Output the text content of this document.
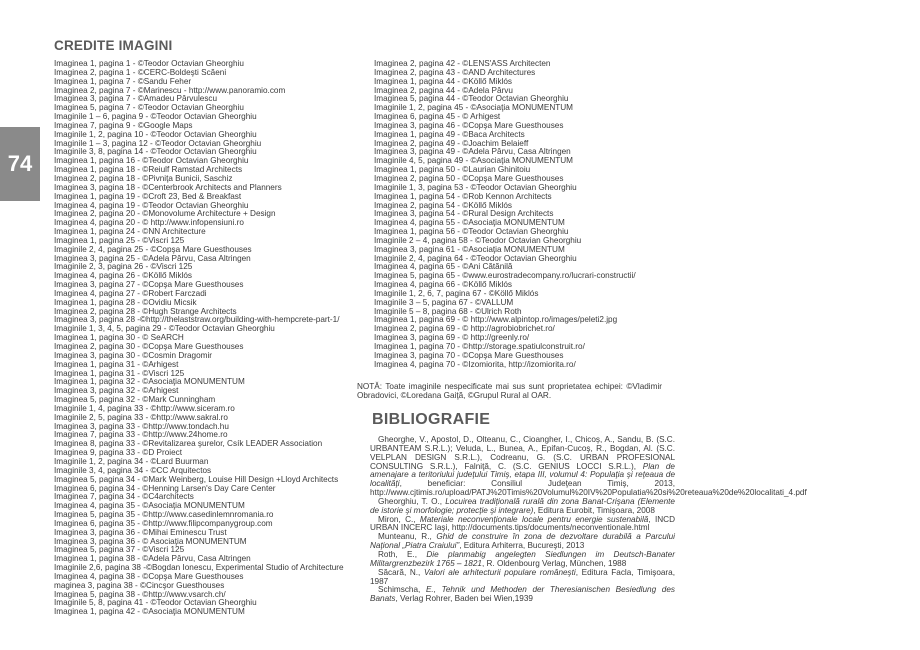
74
CREDITE IMAGINI
Imaginea 1, pagina 1 - ©Teodor Octavian Gheorghiu
Imaginea 2, pagina 1 - ©CERC-Boldeşti Scăeni
Imaginea 1, pagina 7 - ©Sandu Feher
Imaginea 2, pagina 7 - ©Marinescu - http://www.panoramio.com
Imaginea 3, pagina 7 - ©Amadeu Pârvulescu
Imaginea 5, pagina 7 - ©Teodor Octavian Gheorghiu
Imaginile 1 – 6, pagina 9 - ©Teodor Octavian Gheorghiu
Imaginea 7, pagina 9 - ©Google Maps
Imaginile 1, 2, pagina 10 - ©Teodor Octavian Gheorghiu
Imaginile 1 – 3, pagina 12 - ©Teodor Octavian Gheorghiu
Imaginile 3, 8, pagina 14 - ©Teodor Octavian Gheorghiu
Imaginea 1, pagina 16 - ©Teodor Octavian Gheorghiu
Imaginea 1, pagina 18 - ©Reiulf Ramstad Architects
Imaginea 2, pagina 18 - ©Pivniţa Bunicii, Saschiz
Imaginea 3, pagina 18 - ©Centerbrook Architects and Planners
Imaginea 1, pagina 19 - ©Croft 23, Bed & Breakfast
Imaginea 4, pagina 19 - ©Teodor Octavian Gheorghiu
Imaginea 2, pagina 20 - ©Monovolume Architecture + Design
Imaginea 4, pagina 20 - © http://www.infopensiuni.ro
Imaginea 1, pagina 24 - ©NN Architecture
Imaginea 1, pagina 25 - ©Viscri 125
Imaginile 2, 4, pagina 25 - ©Copşa Mare Guesthouses
Imaginea 3, pagina 25 - ©Adela Pârvu, Casa Altringen
Imaginile 2, 3, pagina 26 - ©Viscri 125
Imaginea 4, pagina 26 - ©Köllő Miklós
Imaginea 3, pagina 27 - ©Copşa Mare Guesthouses
Imaginea 4, pagina 27 - ©Robert Farczadi
Imaginea 1, pagina 28 - ©Ovidiu Micsik
Imaginea 2, pagina 28 - ©Hugh Strange Architects
Imaginea 3, pagina 28 -©http://thelaststraw.org/building-with-hempcrete-part-1/
Imaginile 1, 3, 4, 5, pagina 29 - ©Teodor Octavian Gheorghiu
Imaginea 1, pagina 30 - © SeARCH
Imaginea 2, pagina 30 - ©Copşa Mare Guesthouses
Imaginea 3, pagina 30 - ©Cosmin Dragomir
Imaginea 1, pagina 31 - ©Arhigest
Imaginea 1, pagina 31 - ©Viscri 125
Imaginea 1, pagina 32 - ©Asociaţia MONUMENTUM
Imaginea 3, pagina 32 - ©Arhigest
Imaginea 5, pagina 32 - ©Mark Cunningham
Imaginile 1, 4, pagina 33 - ©http://www.siceram.ro
Imaginile 2, 5, pagina 33 - ©http://www.sakral.ro
Imaginea 3, pagina 33 - ©http://www.tondach.hu
Imaginea 7, pagina 33 - ©http://www.24home.ro
Imaginea 8, pagina 33 - ©Revitalizarea şurelor, Csík LEADER Association
Imaginea 9, pagina 33 - ©D Proiect
Imaginile 1, 2, pagina 34 - ©Lard Buurman
Imaginile 3, 4, pagina 34 - ©CC Arquitectos
Imaginea 5, pagina 34 - ©Mark Weinberg, Louise Hill Design +Lloyd Architects
Imaginea 6, pagina 34 - ©Henning Larsen's Day Care Center
Imaginea 7, pagina 34 - ©C4architects
Imaginea 4, pagina 35 - ©Asociaţia MONUMENTUM
Imaginea 5, pagina 35 - ©http://www.casedinlemnromania.ro
Imaginea 6, pagina 35 - ©http://www.filipcompanygroup.com
Imaginea 3, pagina 36 - ©Mihai Eminescu Trust
Imaginea 3, pagina 36 - © Asociaţia MONUMENTUM
Imaginea 5, pagina 37 - ©Viscri 125
Imaginea 1, pagina 38 - ©Adela Pârvu, Casa Altringen
Imaginile 2,6, pagina 38 -©Bogdan Ionescu, Experimental Studio of Architecture
Imaginea 4, pagina 38 - ©Copşa Mare Guesthouses
maginea 3, pagina 38 - ©Cincşor Guesthouses
Imaginea 5, pagina 38 - ©http://www.vsarch.ch/
Imaginile 5, 8, pagina 41 - ©Teodor Octavian Gheorghiu
Imaginea 1, pagina 42 - ©Asociaţia MONUMENTUM
Imaginea 2, pagina 42 - ©LENS'ASS Architecten
Imaginea 2, pagina 43 - ©AND Architectures
Imaginea 1, pagina 44 - ©Köllő Miklós
Imaginea 2, pagina 44 - ©Adela Pârvu
Imaginea 5, pagina 44 - ©Teodor Octavian Gheorghiu
Imaginile 1, 2, pagina 45 - ©Asociaţia MONUMENTUM
Imaginea 6, pagina 45 - © Arhigest
Imaginea 3, pagina 46 - ©Copşa Mare Guesthouses
Imaginea 1, pagina 49 - ©Baca Architects
Imaginea 2, pagina 49 - ©Joachim Belaieff
Imaginea 3, pagina 49 - ©Adela Pârvu, Casa Altringen
Imaginile 4, 5, pagina 49 - ©Asociaţia MONUMENTUM
Imaginea 1, pagina 50 - ©Laurian Ghinitoiu
Imaginea 2, pagina 50 - ©Copşa Mare Guesthouses
Imaginile 1, 3, pagina 53 - ©Teodor Octavian Gheorghiu
Imaginea 1, pagina 54 - ©Rob Kennon Architects
Imaginea 2, pagina 54 - ©Köllő Miklós
Imaginea 3, pagina 54 - ©Rural Design Architects
Imaginea 4, pagina 55 - ©Asociaţia MONUMENTUM
Imaginea 1, pagina 56 - ©Teodor Octavian Gheorghiu
Imaginile 2 – 4, pagina 58 - ©Teodor Octavian Gheorghiu
Imaginea 3, pagina 61 - ©Asociaţia MONUMENTUM
Imaginile 2, 4, pagina 64 - ©Teodor Octavian Gheorghiu
Imaginea 4, pagina 65 - ©Ani Cătănilă
Imaginea 5, pagina 65 - ©www.eurostradecompany.ro/lucrari-constructii/
Imaginea 4, pagina 66 - ©Köllő Miklós
Imaginile 1, 2, 6, 7, pagina 67 - ©Köllő Miklós
Imaginile 3 – 5, pagina 67 - ©VALLUM
Imaginile 5 – 8, pagina 68 - ©Ulrich Roth
Imaginea 1, pagina 69 - © http://www.alpintop.ro/images/peleti2.jpg
Imaginea 2, pagina 69 - © http://agrobiobrichet.ro/
Imaginea 3, pagina 69 - © http://greenly.ro/
Imaginea 1, pagina 70 - ©http://storage.spatiulconstruit.ro/
Imaginea 3, pagina 70 - ©Copşa Mare Guesthouses
Imaginea 4, pagina 70 - ©Izomiorita, http://izomiorita.ro/

NOTĂ: Toate imaginile nespecificate mai sus sunt proprietatea echipei: ©Vladimir Obradovici, ©Loredana Gaiţă, ©Grupul Rural al OAR.

BIBLIOGRAFIE
Gheorghe, V., Apostol, D., Olteanu, C., Cioangher, I., Chicoş, A., Sandu, B. (S.C. URBANTEAM S.R.L.); Veluda, L., Bunea, A., Epifan-Cucoş, R., Bogdan, Al. (S.C. VELPLAN DESIGN S.R.L.), Codreanu, G. (S.C. URBAN PROFESIONAL CONSULTING S.R.L.), Falniţă, C. (S.C. GENIUS LOCCI S.R.L.), Plan de amenajare a teritoriului judeţului Timiş, etapa III, volumul 4: Populaţia şi reţeaua de localităţi, beneficiar: Consiliul Judeţean Timiş, 2013, http://www.cjtimis.ro/upload/PATJ%20Timis%20Volumul%20IV%20Populatia%20si%20reteaua%20de%20localitati_4.pdf
Gheorghiu, T. O., Locuirea tradiţională rurală din zona Banat-Crişana (Elemente de istorie şi morfologie; protecţie şi integrare), Editura Eurobit, Timişoara, 2008
Miron, C., Materiale neconvenţionale locale pentru energie sustenabilă, INCD URBAN INCERC Iaşi, http://documents.tips/documents/neconventionale.html
Munteanu, R., Ghid de construire în zona de dezvoltare durabilă a Parcului Naţional „Piatra Craiului”, Editura Arhiterra, Bucureşti, 2013
Roth, E., Die planmabig angelegten Siedlungen im Deutsch-Banater Militargrenzbezirk 1765 – 1821, R. Oldenbourg Verlag, München, 1988
Săcară, N., Valori ale arhitecturii populare româneşti, Editura Facla, Timişoara, 1987
Schimscha, E., Tehnik und Methoden der Theresianischen Besiedlung des Banats, Verlag Rohrer, Baden bei Wien,1939
